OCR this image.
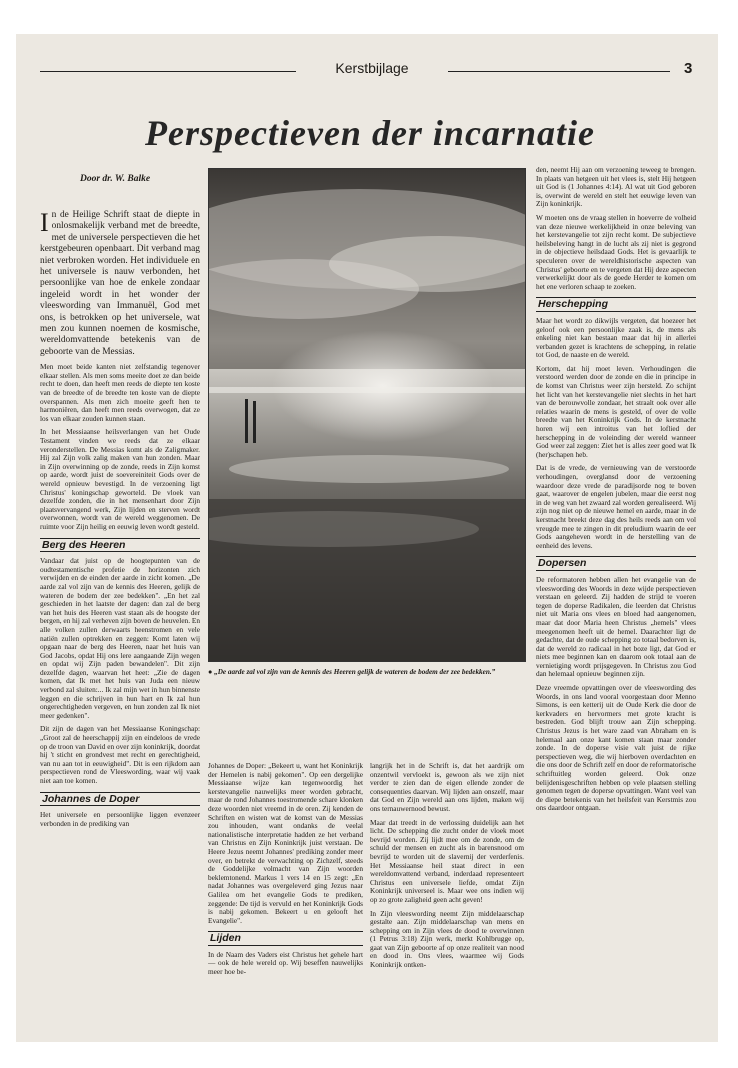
Kerstbijlage	3
Perspectieven der incarnatie
Door dr. W. Balke

In de Heilige Schrift staat de diepte in onlosmakelijk verband met de breedte, met de universele perspectieven die het kerstgebeuren openbaart. Dit verband mag niet verbroken worden. Het individuele en het universele is nauw verbonden, het persoonlijke van hoe de enkele zondaar ingeleid wordt in het wonder der vleeswording van Immanuël, God met ons, is betrokken op het universele, wat men zou kunnen noemen de kosmische, wereldomvattende betekenis van de geboorte van de Messias.

Men moet beide kanten niet zelfstandig tegenover elkaar stellen. Als men soms meeite doet ze dan beide recht te doen, dan heeft men reeds de diepte ten koste van de breedte of de breedte ten koste van de diepte overspannen. Als men zich moeite geeft hen te harmoniëren, dan heeft men reeds overwogen, dat ze los van elkaar zouden kunnen staan.

In het Messiaanse heilsverlangen van het Oude Testament vinden we reeds dat ze elkaar veronderstellen. De Messias komt als de Zaligmaker. Hij zal Zijn volk zalig maken van hun zonden. Maar in Zijn overwinning op de zonde, reeds in Zijn komst op aarde, wordt juist de soevereiniteit Gods over de wereld opnieuw bevestigd. In de verzoening ligt Christus' koningschap geworteld. De vloek van dezelfde zonden, die in het mensenhart door Zijn plaatsvervangend werk, Zijn lijden en sterven wordt overwonnen, wordt van de wereld weggenomen. De ruimte voor Zijn heilig en eeuwig leven wordt gesteld.

Berg des Heeren

Vandaar dat juist op de hoogtepunten van de oudtestamentische profetie de horizonten zich verwijden en de einden der aarde in zicht komen. „De aarde zal vol zijn van de kennis des Heeren, gelijk de wateren de bodem der zee bedekken". „En het zal geschieden in het laatste der dagen: dan zal de berg van het huis des Heeren vast staan als de hoogste der bergen, en hij zal verheven zijn boven de heuvelen. En alle volken zullen derwaarts heenstromen en vele natiën zullen optrekken en zeggen: Komt laten wij opgaan naar de berg des Heeren, naar het huis van God Jacobs, opdat Hij ons lere aangaande Zijn wegen en opdat wij Zijn paden bewandelen". Dit zijn dezelfde dagen, waarvan het heet: „Zie de dagen komen, dat Ik met het huis van Juda een nieuw verbond zal sluiten:... Ik zal mijn wet in hun binnenste leggen en die schrijven in hun hart en Ik zal hun ongerechtigheden vergeven, en hun zonden zal Ik niet meer gedenken".

Dit zijn de dagen van het Messiaanse Koningschap: „Groot zal de heerschappij zijn en eindeloos de vrede op de troon van David en over zijn koninkrijk, doordat hij 't sticht en grondvest met recht en gerechtigheid, van nu aan tot in eeuwigheid". Dit is een rijkdom aan perspectieven rond de Vleeswording, waar wij vaak niet aan toe komen.

Johannes de Doper

Het universele en persoonlijke liggen evenzeer verbonden in de prediking van

● „De aarde zal vol zijn van de kennis des Heeren gelijk de wateren de bodem der zee bedekken.”

Johannes de Doper: „Bekeert u, want het Koninkrijk der Hemelen is nabij gekomen". Op een dergelijke Messiaanse wijze kan tegenwoordig het kerstevangelie nauwelijks meer worden gebracht, maar de rond Johannes toestromende schare klonken deze woorden niet vreemd in de oren. Zij kenden de Schriften en wisten wat de komst van de Messias zou inhouden, want ondanks de veelal nationalistische interpretatie hadden ze het verband van Christus en Zijn Koninkrijk juist verstaan. De Heere Jezus neemt Johannes' prediking zonder meer over, en betrekt de verwachting op Zichzelf, steeds de Goddelijke volmacht van Zijn woorden beklemtonend. Markus 1 vers 14 en 15 zegt: „En nadat Johannes was overgeleverd ging Jezus naar Galilea om het evangelie Gods te prediken, zeggende: De tijd is vervuld en het Koninkrijk Gods is nabij gekomen. Bekeert u en gelooft het Evangelie".

Lijden

In de Naam des Vaders eist Christus het gehele hart — ook de hele wereld op. Wij beseffen nauwelijks meer hoe be-

langrijk het in de Schrift is, dat het aardrijk om onzentwil vervloekt is, gewoon als we zijn niet verder te zien dan de eigen ellende zonder de consequenties daarvan. Wij lijden aan onszelf, maar dat God en Zijn wereld aan ons lijden, maken wij ons ternauwernood bewust.

Maar dat treedt in de verlossing duidelijk aan het licht. De schepping die zucht onder de vloek moet bevrijd worden. Zij lijdt mee om de zonde, om de schuld der mensen en zucht als in barensnood om bevrijd te worden uit de slavernij der verderfenis. Het Messiaanse heil staat direct in een wereldomvattend verband, inderdaad representeert Christus een universele liefde, omdat Zijn Koninkrijk universeel is. Maar wee ons indien wij op zo grote zaligheid geen acht geven!

In Zijn vleeswording neemt Zijn middelaarschap gestalte aan. Zijn middelaarschap van mens en schepping om in Zijn vlees de dood te overwinnen (1 Petrus 3:18) Zijn werk, merkt Kohlbrugge op, gaat van Zijn geboorte af op onze realiteit van nood en dood in. Ons vlees, waarmee wij Gods Koninkrijk ontken-

den, neemt Hij aan om verzoening teweeg te brengen. In plaats van hetgeen uit het vlees is, stelt Hij hetgeen uit God is (1 Johannes 4:14). Al wat uit God geboren is, overwint de wereld en stelt het eeuwige leven van Zijn koninkrijk.

W moeten ons de vraag stellen in hoeverre de volheid van deze nieuwe werkelijkheid in onze beleving van het kerstevangelie tot zijn recht komt. De subjectieve heilsbeleving hangt in de lucht als zij niet is gegrond in de objectieve heilsdaad Gods. Het is gevaarlijk te speculeren over de wereldhistorische aspecten van Christus' geboorte en te vergeten dat Hij deze aspecten verwerkelijkt door als de goede Herder te komen om het ene verloren schaap te zoeken.

Herschepping

Maar het wordt zo dikwijls vergeten, dat hoezeer het geloof ook een persoonlijke zaak is, de mens als enkeling niet kan bestaan maar dat hij in allerlei verbanden gezet is krachtens de schepping, in relatie tot God, de naaste en de wereld.

Kortom, dat hij moet leven. Verhoudingen die verstoord werden door de zonde en die in principe in de komst van Christus weer zijn hersteld. Zo schijnt het licht van het kerstevangelie niet slechts in het hart van de berouwvolle zondaar, het straalt ook over alle relaties waarin de mens is gesteld, of over de volle breedte van het Koninkrijk Gods. In de kerstnacht horen wij een introitus van het loflied der herschepping in de voleinding der wereld wanneer God weer zal zeggen: Ziet het is alles zeer goed wat Ik (her)schapen heb.

Dat is de vrede, de vernieuwing van de verstoorde verhoudingen, overglansd door de verzoening waardoor deze vrede de paradijsorde nog te boven gaat, waarover de engelen jubelen, maar die eerst nog in de weg van het zwaard zal worden gerealiseerd. Wij zijn nog niet op de nieuwe hemel en aarde, maar in de kerstnacht breekt deze dag des heils reeds aan om vol vreugde mee te zingen in dit preludium waarin de eer Gods aangeheven wordt in de herstelling van de eenheid des levens.

Dopersen

De reformatoren hebben allen het evangelie van de vleeswording des Woords in deze wijde perspectieven verstaan en geleerd. Zij hadden de strijd te voeren tegen de doperse Radikalen, die leerden dat Christus niet uit Maria ons vlees en bloed had aangenomen, maar dat door Maria heen Christus „hemels" vlees meegenomen heeft uit de hemel. Daarachter ligt de gedachte, dat de oude schepping zo totaal bedorven is, dat de wereld zo radicaal in het boze ligt, dat God er niets mee beginnen kan en daarom ook totaal aan de vernietiging wordt prijsgegeven. In Christus zou God dan helemaal opnieuw beginnen zijn.

Deze vreemde opvattingen over de vleeswording des Woords, in ons land vooral voorgestaan door Menno Simons, is een ketterij uit de Oude Kerk die door de kerkvaders en hervormers met grote kracht is bestreden. God blijft trouw aan Zijn schepping. Christus Jezus is het ware zaad van Abraham en is helemaal aan onze kant komen staan maar zonder zonde. In de doperse visie valt juist de rijke perspectieven weg, die wij hierboven overdachten en die ons door de Schrift zelf en door de reformatorische schriftuitleg worden geleerd. Ook onze belijdenisgeschriften hebben op vele plaatsen stelling genomen tegen de doperse opvattingen. Want veel van de diepe betekenis van het heilsfeit van Kerstmis zou ons daardoor ontgaan.
